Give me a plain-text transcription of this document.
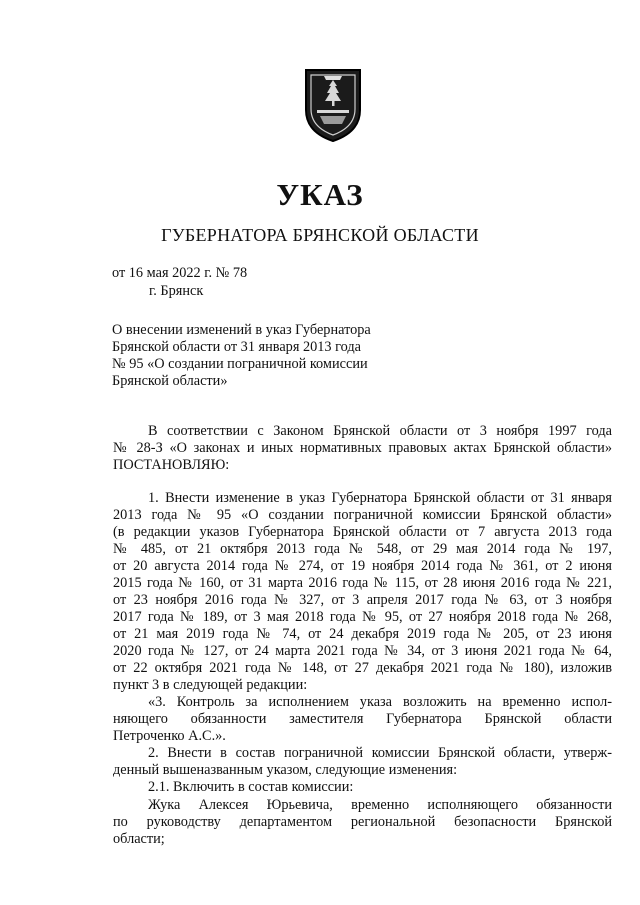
УКАЗ
ГУБЕРНАТОРА БРЯНСКОЙ ОБЛАСТИ
от 16 мая 2022 г. № 78
г. Брянск
О внесении изменений в указ Губернатора
Брянской области от 31 января 2013 года
№ 95 «О создании пограничной комиссии
Брянской области»
В соответствии с Законом Брянской области от 3 ноября 1997 года
№ 28-З «О законах и иных нормативных правовых актах Брянской области»
ПОСТАНОВЛЯЮ:
1. Внести изменение в указ Губернатора Брянской области от 31 января
2013 года № 95 «О создании пограничной комиссии Брянской области»
(в редакции указов Губернатора Брянской области от 7 августа 2013 года
№ 485, от 21 октября 2013 года № 548, от 29 мая 2014 года № 197,
от 20 августа 2014 года № 274, от 19 ноября 2014 года № 361, от 2 июня
2015 года № 160, от 31 марта 2016 года № 115, от 28 июня 2016 года № 221,
от 23 ноября 2016 года № 327, от 3 апреля 2017 года № 63, от 3 ноября
2017 года № 189, от 3 мая 2018 года № 95, от 27 ноября 2018 года № 268,
от 21 мая 2019 года № 74, от 24 декабря 2019 года № 205, от 23 июня
2020 года № 127, от 24 марта 2021 года № 34, от 3 июня 2021 года № 64,
от 22 октября 2021 года № 148, от 27 декабря 2021 года № 180), изложив
пункт 3 в следующей редакции:
«3. Контроль за исполнением указа возложить на временно испол-
няющего обязанности заместителя Губернатора Брянской области
Петроченко А.С.».
2. Внести в состав пограничной комиссии Брянской области, утверж-
денный вышеназванным указом, следующие изменения:
2.1. Включить в состав комиссии:
Жука Алексея Юрьевича, временно исполняющего обязанности
по руководству департаментом региональной безопасности Брянской
области;
